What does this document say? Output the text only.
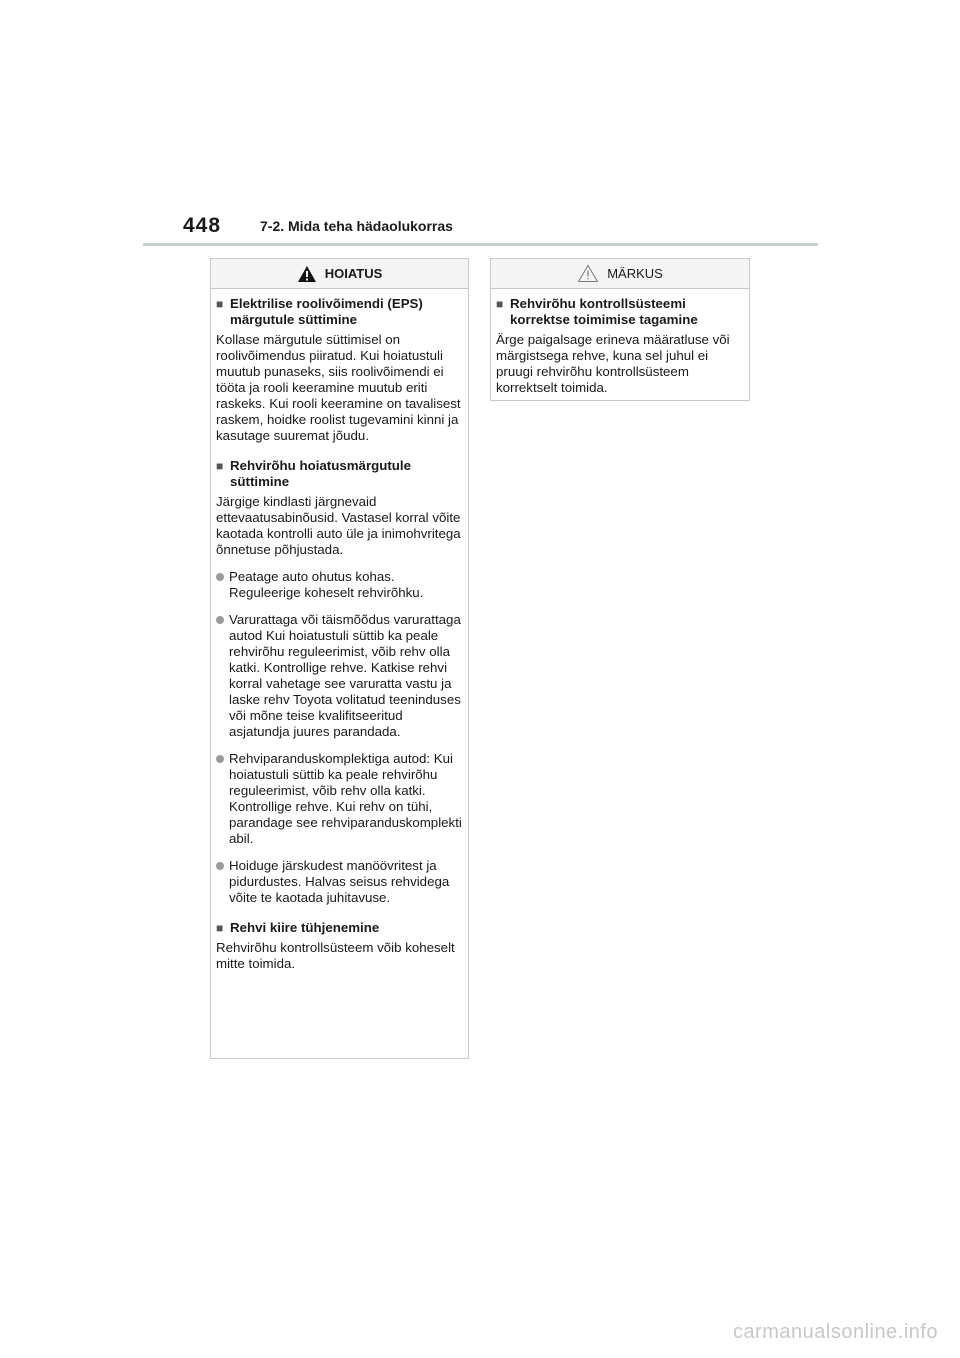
448	7-2. Mida teha hädaolukorras
HOIATUS
■ Elektrilise roolivõimendi (EPS) märgutule süttimine

Kollase märgutule süttimisel on roolivõimendus piiratud. Kui hoiatustuli muutub punaseks, siis roolivõimendi ei tööta ja rooli keeramine muutub eriti raskeks. Kui rooli keeramine on tavalisest raskem, hoidke roolist tugevamini kinni ja kasutage suuremat jõudu.

■ Rehvirõhu hoiatusmärgutule süttimine

Järgige kindlasti järgnevaid ettevaatusabinõusid. Vastasel korral võite kaotada kontrolli auto üle ja inimohvritega õnnetuse põhjustada.

Peatage auto ohutus kohas. Reguleerige koheselt rehvirõhku.
Varurattaga või täismõõdus varurattaga autod Kui hoiatustuli süttib ka peale rehvirõhu reguleerimist, võib rehv olla katki. Kontrollige rehve. Katkise rehvi korral vahetage see varuratta vastu ja laske rehv Toyota volitatud teeninduses või mõne teise kvalifitseeritud asjatundja juures parandada.
Rehviparanduskomplektiga autod: Kui hoiatustuli süttib ka peale rehvirõhu reguleerimist, võib rehv olla katki. Kontrollige rehve. Kui rehv on tühi, parandage see rehviparanduskomplekti abil.
Hoiduge järskudest manöövritest ja pidurdustes. Halvas seisus rehvidega võite te kaotada juhitavuse.
■ Rehvi kiire tühjenemine

Rehvirõhu kontrollsüsteem võib koheselt mitte toimida.

MÄRKUS
■ Rehvirõhu kontrollsüsteemi korrektse toimimise tagamine

Ärge paigalsage erineva määratluse või märgistsega rehve, kuna sel juhul ei pruugi rehvirõhu kontrollsüsteem korrektselt toimida.

carmanualsonline.info
